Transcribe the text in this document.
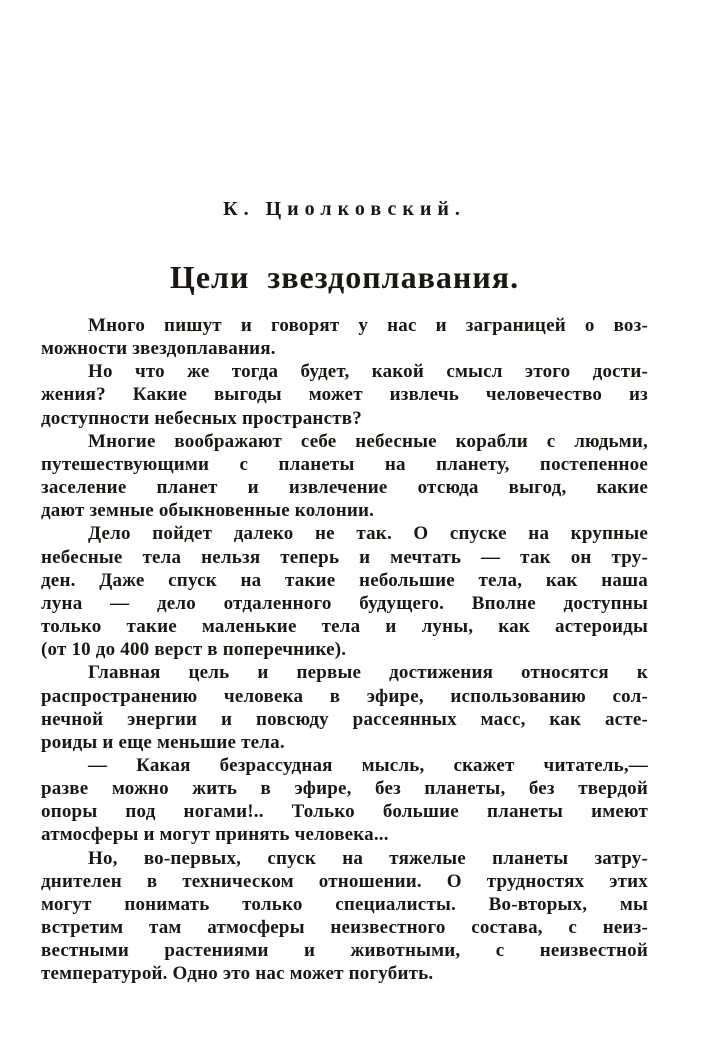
К. Циолковский.
Цели звездоплавания.
Много пишут и говорят у нас и заграницей о воз-
можности звездоплавания.
Но что же тогда будет, какой смысл этого дости-
жения? Какие выгоды может извлечь человечество из
доступности небесных пространств?
Многие воображают себе небесные корабли с людьми,
путешествующими с планеты на планету, постепенное
заселение планет и извлечение отсюда выгод, какие
дают земные обыкновенные колонии.
Дело пойдет далеко не так. О спуске на крупные
небесные тела нельзя теперь и мечтать — так он тру-
ден. Даже спуск на такие небольшие тела, как наша
луна — дело отдаленного будущего. Вполне доступны
только такие маленькие тела и луны, как астероиды
(от 10 до 400 верст в поперечнике).
Главная цель и первые достижения относятся к
распространению человека в эфире, использованию сол-
нечной энергии и повсюду рассеянных масс, как асте-
роиды и еще меньшие тела.
— Какая безрассудная мысль, скажет читатель,—
разве можно жить в эфире, без планеты, без твердой
опоры под ногами!.. Только большие планеты имеют
атмосферы и могут принять человека...
Но, во-первых, спуск на тяжелые планеты затру-
днителен в техническом отношении. О трудностях этих
могут понимать только специалисты. Во-вторых, мы
встретим там атмосферы неизвестного состава, с неиз-
вестными растениями и животными, с неизвестной
температурой. Одно это нас может погубить.
